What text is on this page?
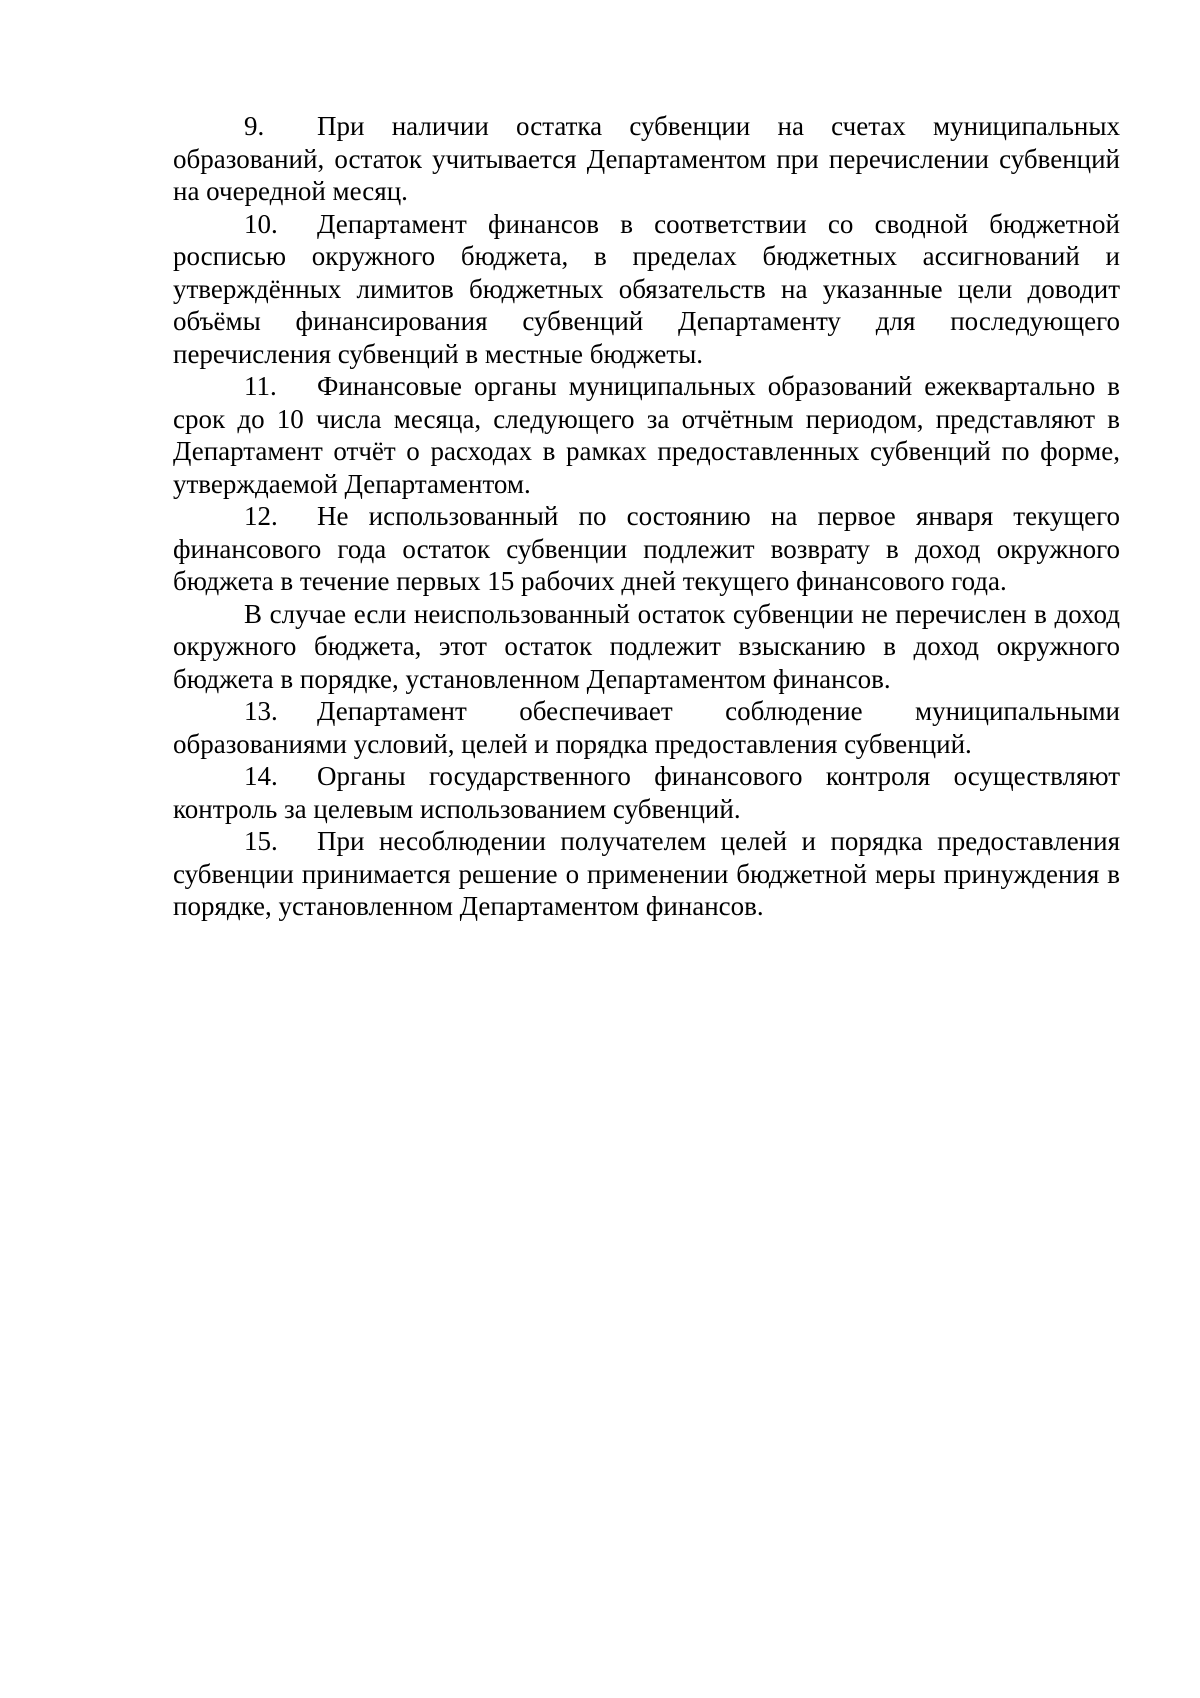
9. При наличии остатка субвенции на счетах муниципальных образований, остаток учитывается Департаментом при перечислении субвенций на очередной месяц.

10. Департамент финансов в соответствии со сводной бюджетной росписью окружного бюджета, в пределах бюджетных ассигнований и утверждённых лимитов бюджетных обязательств на указанные цели доводит объёмы финансирования субвенций Департаменту для последующего перечисления субвенций в местные бюджеты.

11. Финансовые органы муниципальных образований ежеквартально в срок до 10 числа месяца, следующего за отчётным периодом, представляют в Департамент отчёт о расходах в рамках предоставленных субвенций по форме, утверждаемой Департаментом.

12. Не использованный по состоянию на первое января текущего финансового года остаток субвенции подлежит возврату в доход окружного бюджета в течение первых 15 рабочих дней текущего финансового года.

В случае если неиспользованный остаток субвенции не перечислен в доход окружного бюджета, этот остаток подлежит взысканию в доход окружного бюджета в порядке, установленном Департаментом финансов.

13. Департамент обеспечивает соблюдение муниципальными образованиями условий, целей и порядка предоставления субвенций.

14. Органы государственного финансового контроля осуществляют контроль за целевым использованием субвенций.

15. При несоблюдении получателем целей и порядка предоставления субвенции принимается решение о применении бюджетной меры принуждения в порядке, установленном Департаментом финансов.
